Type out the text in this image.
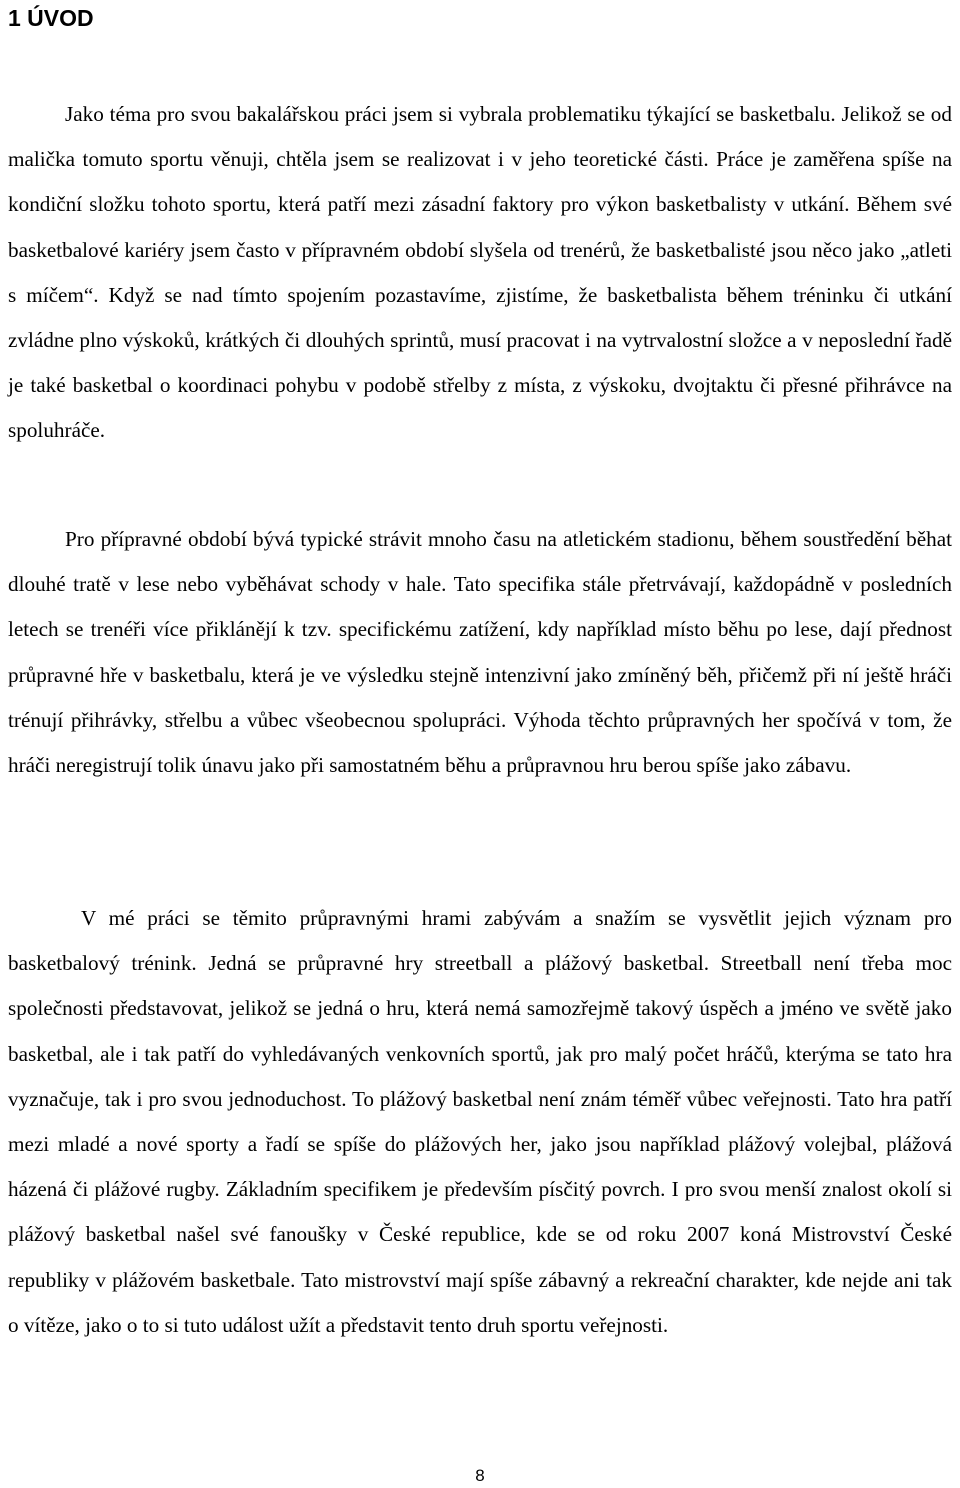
1 ÚVOD

Jako téma pro svou bakalářskou práci jsem si vybrala problematiku týkající se basketbalu. Jelikož se od malička tomuto sportu věnuji, chtěla jsem se realizovat i v jeho teoretické části. Práce je zaměřena spíše na kondiční složku tohoto sportu, která patří mezi zásadní faktory pro výkon basketbalisty v utkání. Během své basketbalové kariéry jsem často v přípravném období slyšela od trenérů, že basketbalisté jsou něco jako „atleti s míčem“. Když se nad tímto spojením pozastavíme, zjistíme, že basketbalista během tréninku či utkání zvládne plno výskoků, krátkých či dlouhých sprintů, musí pracovat i na vytrvalostní složce a v neposlední řadě je také basketbal o koordinaci pohybu v podobě střelby z místa, z výskoku, dvojtaktu či přesné přihrávce na spoluhráče.

Pro přípravné období bývá typické strávit mnoho času na atletickém stadionu, během soustředění běhat dlouhé tratě v lese nebo vyběhávat schody v hale. Tato specifika stále přetrvávají, každopádně v posledních letech se trenéři více přiklánějí k tzv. specifickému zatížení, kdy například místo běhu po lese, dají přednost průpravné hře v basketbalu, která je ve výsledku stejně intenzivní jako zmíněný běh, přičemž při ní ještě hráči trénují přihrávky, střelbu a vůbec všeobecnou spolupráci. Výhoda těchto průpravných her spočívá v tom, že hráči neregistrují tolik únavu jako při samostatném běhu a průpravnou hru berou spíše jako zábavu.

V mé práci se těmito průpravnými hrami zabývám a snažím se vysvětlit jejich význam pro basketbalový trénink. Jedná se průpravné hry streetball a plážový basketbal. Streetball není třeba moc společnosti představovat, jelikož se jedná o hru, která nemá samozřejmě takový úspěch a jméno ve světě jako basketbal, ale i tak patří do vyhledávaných venkovních sportů, jak pro malý počet hráčů, kterýma se tato hra vyznačuje, tak i pro svou jednoduchost. To plážový basketbal není znám téměř vůbec veřejnosti. Tato hra patří mezi mladé a nové sporty a řadí se spíše do plážových her, jako jsou například plážový volejbal, plážová házená či plážové rugby. Základním specifikem je především písčitý povrch. I pro svou menší znalost okolí si plážový basketbal našel své fanoušky v České republice, kde se od roku 2007 koná Mistrovství České republiky v plážovém basketbale. Tato mistrovství mají spíše zábavný a rekreační charakter, kde nejde ani tak o vítěze, jako o to si tuto událost užít a představit tento druh sportu veřejnosti.

8
